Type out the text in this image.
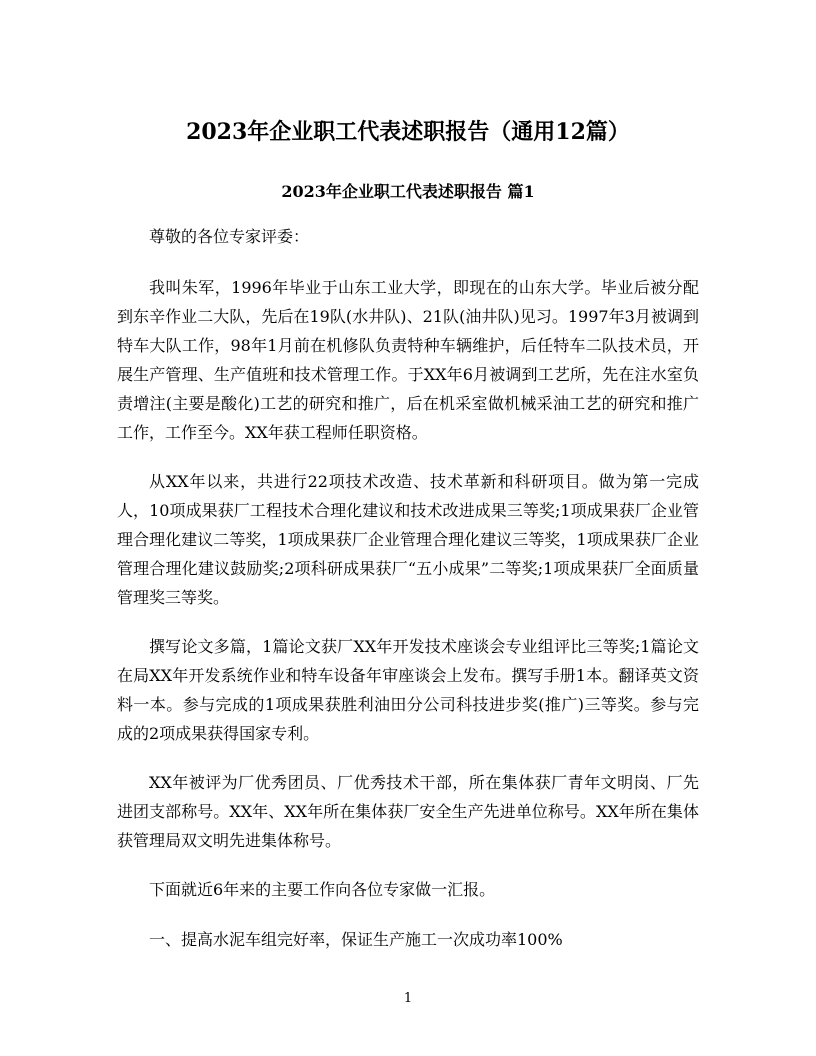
2023年企业职工代表述职报告（通用12篇）
2023年企业职工代表述职报告 篇1

尊敬的各位专家评委：

我叫朱军，1996年毕业于山东工业大学，即现在的山东大学。毕业后被分配到东辛作业二大队，先后在19队(水井队)、21队(油井队)见习。1997年3月被调到特车大队工作，98年1月前在机修队负责特种车辆维护，后任特车二队技术员，开展生产管理、生产值班和技术管理工作。于XX年6月被调到工艺所，先在注水室负责增注(主要是酸化)工艺的研究和推广，后在机采室做机械采油工艺的研究和推广工作，工作至今。XX年获工程师任职资格。

从XX年以来，共进行22项技术改造、技术革新和科研项目。做为第一完成人，10项成果获厂工程技术合理化建议和技术改进成果三等奖;1项成果获厂企业管理合理化建议二等奖，1项成果获厂企业管理合理化建议三等奖，1项成果获厂企业管理合理化建议鼓励奖;2项科研成果获厂“五小成果”二等奖;1项成果获厂全面质量管理奖三等奖。

撰写论文多篇，1篇论文获厂XX年开发技术座谈会专业组评比三等奖;1篇论文在局XX年开发系统作业和特车设备年审座谈会上发布。撰写手册1本。翻译英文资料一本。参与完成的1项成果获胜利油田分公司科技进步奖(推广)三等奖。参与完成的2项成果获得国家专利。

XX年被评为厂优秀团员、厂优秀技术干部，所在集体获厂青年文明岗、厂先进团支部称号。XX年、XX年所在集体获厂安全生产先进单位称号。XX年所在集体获管理局双文明先进集体称号。

下面就近6年来的主要工作向各位专家做一汇报。

一、提高水泥车组完好率，保证生产施工一次成功率100%

1
